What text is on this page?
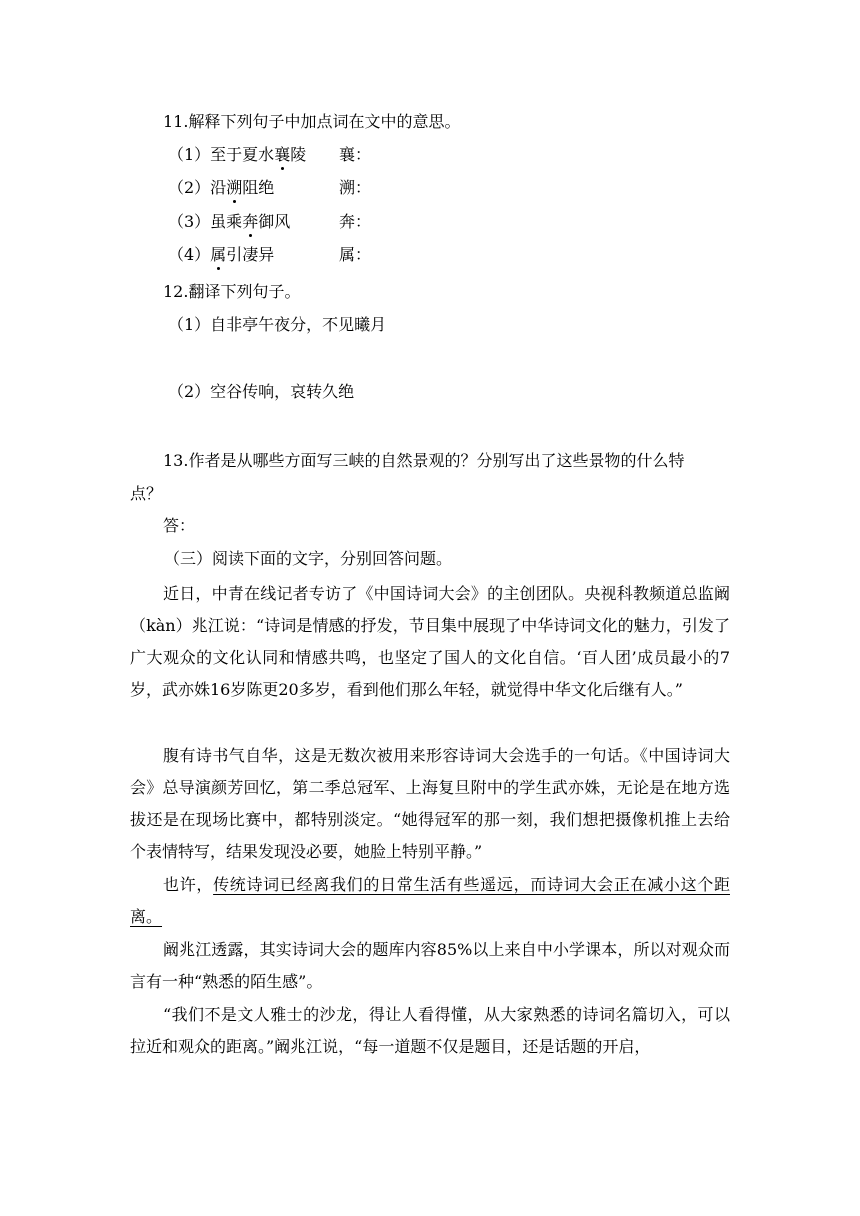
11.解释下列句子中加点词在文中的意思。
（1）至于夏水襄陵 襄：
（2）沿溯阻绝	溯：
（3）虽乘奔御风	奔：
（4）属引凄异	属：
12.翻译下列句子。
（1）自非亭午夜分，不见曦月
（2）空谷传响，哀转久绝
13.作者是从哪些方面写三峡的自然景观的？分别写出了这些景物的什么特
点？
答：
（三）阅读下面的文字，分别回答问题。
近日，中青在线记者专访了《中国诗词大会》的主创团队。央视科教频道总监阚（kàn）兆江说：“诗词是情感的抒发，节目集中展现了中华诗词文化的魅力，引发了广大观众的文化认同和情感共鸣，也坚定了国人的文化自信。‘百人团’成员最小的7岁，武亦姝16岁陈更20多岁，看到他们那么年轻，就觉得中华文化后继有人。”
腹有诗书气自华，这是无数次被用来形容诗词大会选手的一句话。《中国诗词大会》总导演颜芳回忆，第二季总冠军、上海复旦附中的学生武亦姝，无论是在地方选拔还是在现场比赛中，都特别淡定。“她得冠军的那一刻，我们想把摄像机推上去给个表情特写，结果发现没必要，她脸上特别平静。”
也许，传统诗词已经离我们的日常生活有些遥远，而诗词大会正在减小这个距离。
阚兆江透露，其实诗词大会的题库内容85%以上来自中小学课本，所以对观众而言有一种“熟悉的陌生感”。
“我们不是文人雅士的沙龙，得让人看得懂，从大家熟悉的诗词名篇切入，可以拉近和观众的距离。”阚兆江说，“每一道题不仅是题目，还是话题的开启，
